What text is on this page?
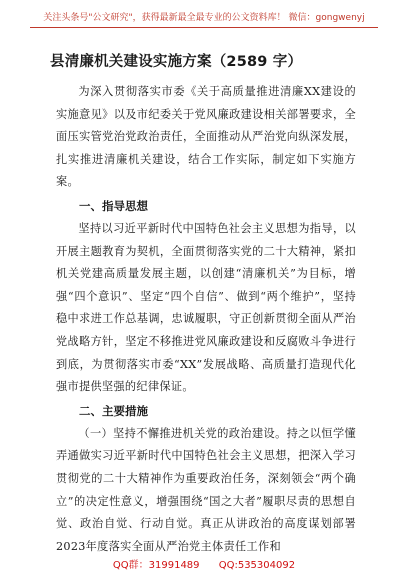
关注头条号"公文研究"，获得最新最全最专业的公文资料库！ 微信：gongwenyj
县清廉机关建设实施方案（2589 字）

为深入贯彻落实市委《关于高质量推进清廉XX建设的实施意见》以及市纪委关于党风廉政建设相关部署要求，全面压实管党治党政治责任，全面推动从严治党向纵深发展，扎实推进清廉机关建设，结合工作实际，制定如下实施方案。

一、指导思想

坚持以习近平新时代中国特色社会主义思想为指导，以开展主题教育为契机，全面贯彻落实党的二十大精神，紧扣机关党建高质量发展主题，以创建“清廉机关”为目标，增强“四个意识”、坚定“四个自信”、做到“两个维护”，坚持稳中求进工作总基调，忠诚履职，守正创新贯彻全面从严治党战略方针，坚定不移推进党风廉政建设和反腐败斗争进行到底，为贯彻落实市委“XX”发展战略、高质量打造现代化强市提供坚强的纪律保证。

二、主要措施

（一）坚持不懈推进机关党的政治建设。持之以恒学懂弄通做实习近平新时代中国特色社会主义思想，把深入学习贯彻党的二十大精神作为重要政治任务，深刻领会“两个确立”的决定性意义，增强围绕“国之大者”履职尽责的思想自觉、政治自觉、行动自觉。真正从讲政治的高度谋划部署2023年度落实全面从严治党主体责任工作和

QQ群：31991489 QQ:535304092
